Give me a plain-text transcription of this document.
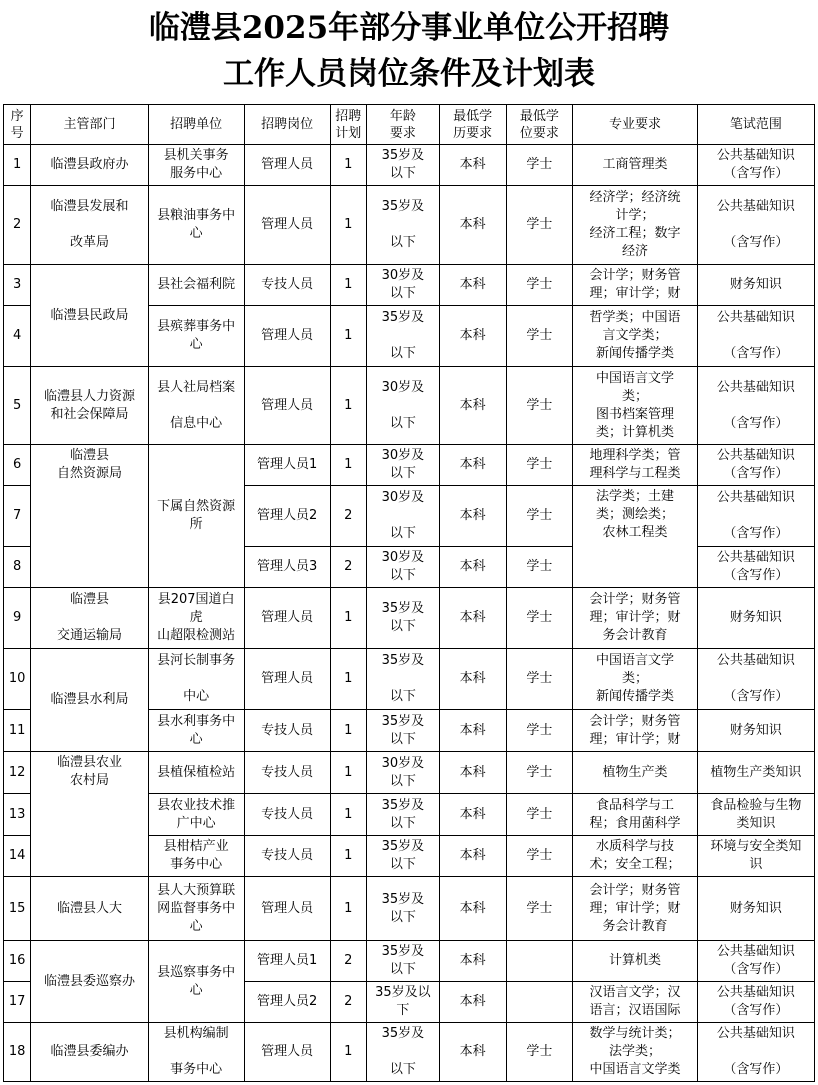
临澧县2025年部分事业单位公开招聘
工作人员岗位条件及计划表
序
号	主管部门	招聘单位	招聘岗位	招聘
计划	年龄
要求	最低学
历要求	最低学
位要求	专业要求	笔试范围
1	临澧县政府办	县机关事务
服务中心	管理人员	1	35岁及
以下	本科	学士	工商管理类	公共基础知识
（含写作）
2	临澧县发展和

改革局	县粮油事务中
心	管理人员	1	35岁及

以下	本科	学士	经济学；经济统
计学；
经济工程；数字
经济	公共基础知识

（含写作）
3	临澧县民政局	县社会福利院	专技人员	1	30岁及
以下	本科	学士	会计学；财务管
理；审计学；财	财务知识
4		县殡葬事务中
心	管理人员	1	35岁及

以下	本科	学士	哲学类；中国语
言文学类；
新闻传播学类	公共基础知识

（含写作）
5	临澧县人力资源
和社会保障局	县人社局档案

信息中心	管理人员	1	30岁及

以下	本科	学士	中国语言文学
类；
图书档案管理
类；计算机类	公共基础知识

（含写作）
6	临澧县
自然资源局	下属自然资源
所	管理人员1	1	30岁及
以下	本科	学士	地理科学类；管
理科学与工程类	公共基础知识
（含写作）
7			管理人员2	2	30岁及

以下	本科	学士	法学类；土建
类；测绘类；
农林工程类	公共基础知识

（含写作）
8			管理人员3	2	30岁及
以下	本科	学士		公共基础知识
（含写作）
9	临澧县

交通运输局	县207国道白
虎
山超限检测站	管理人员	1	35岁及
以下	本科	学士	会计学；财务管
理；审计学；财
务会计教育	财务知识
10	临澧县水利局	县河长制事务

中心	管理人员	1	35岁及

以下	本科	学士	中国语言文学
类；
新闻传播学类	公共基础知识

（含写作）
11		县水利事务中
心	专技人员	1	35岁及
以下	本科	学士	会计学；财务管
理；审计学；财	财务知识
12	临澧县农业
农村局	县植保植检站	专技人员	1	30岁及
以下	本科	学士	植物生产类	植物生产类知识
13		县农业技术推
广中心	专技人员	1	35岁及
以下	本科	学士	食品科学与工
程；食用菌科学	食品检验与生物
类知识
14		县柑桔产业
事务中心	专技人员	1	35岁及
以下	本科	学士	水质科学与技
术；安全工程；	环境与安全类知
识
15	临澧县人大	县人大预算联
网监督事务中
心	管理人员	1	35岁及
以下	本科	学士	会计学；财务管
理；审计学；财
务会计教育	财务知识
16	临澧县委巡察办	县巡察事务中
心	管理人员1	2	35岁及
以下	本科		计算机类	公共基础知识
（含写作）
17			管理人员2	2	35岁及以
下	本科		汉语言文学；汉
语言；汉语国际	公共基础知识
（含写作）
18	临澧县委编办	县机构编制

事务中心	管理人员	1	35岁及

以下	本科	学士	数学与统计类；
法学类；
中国语言文学类	公共基础知识

（含写作）
